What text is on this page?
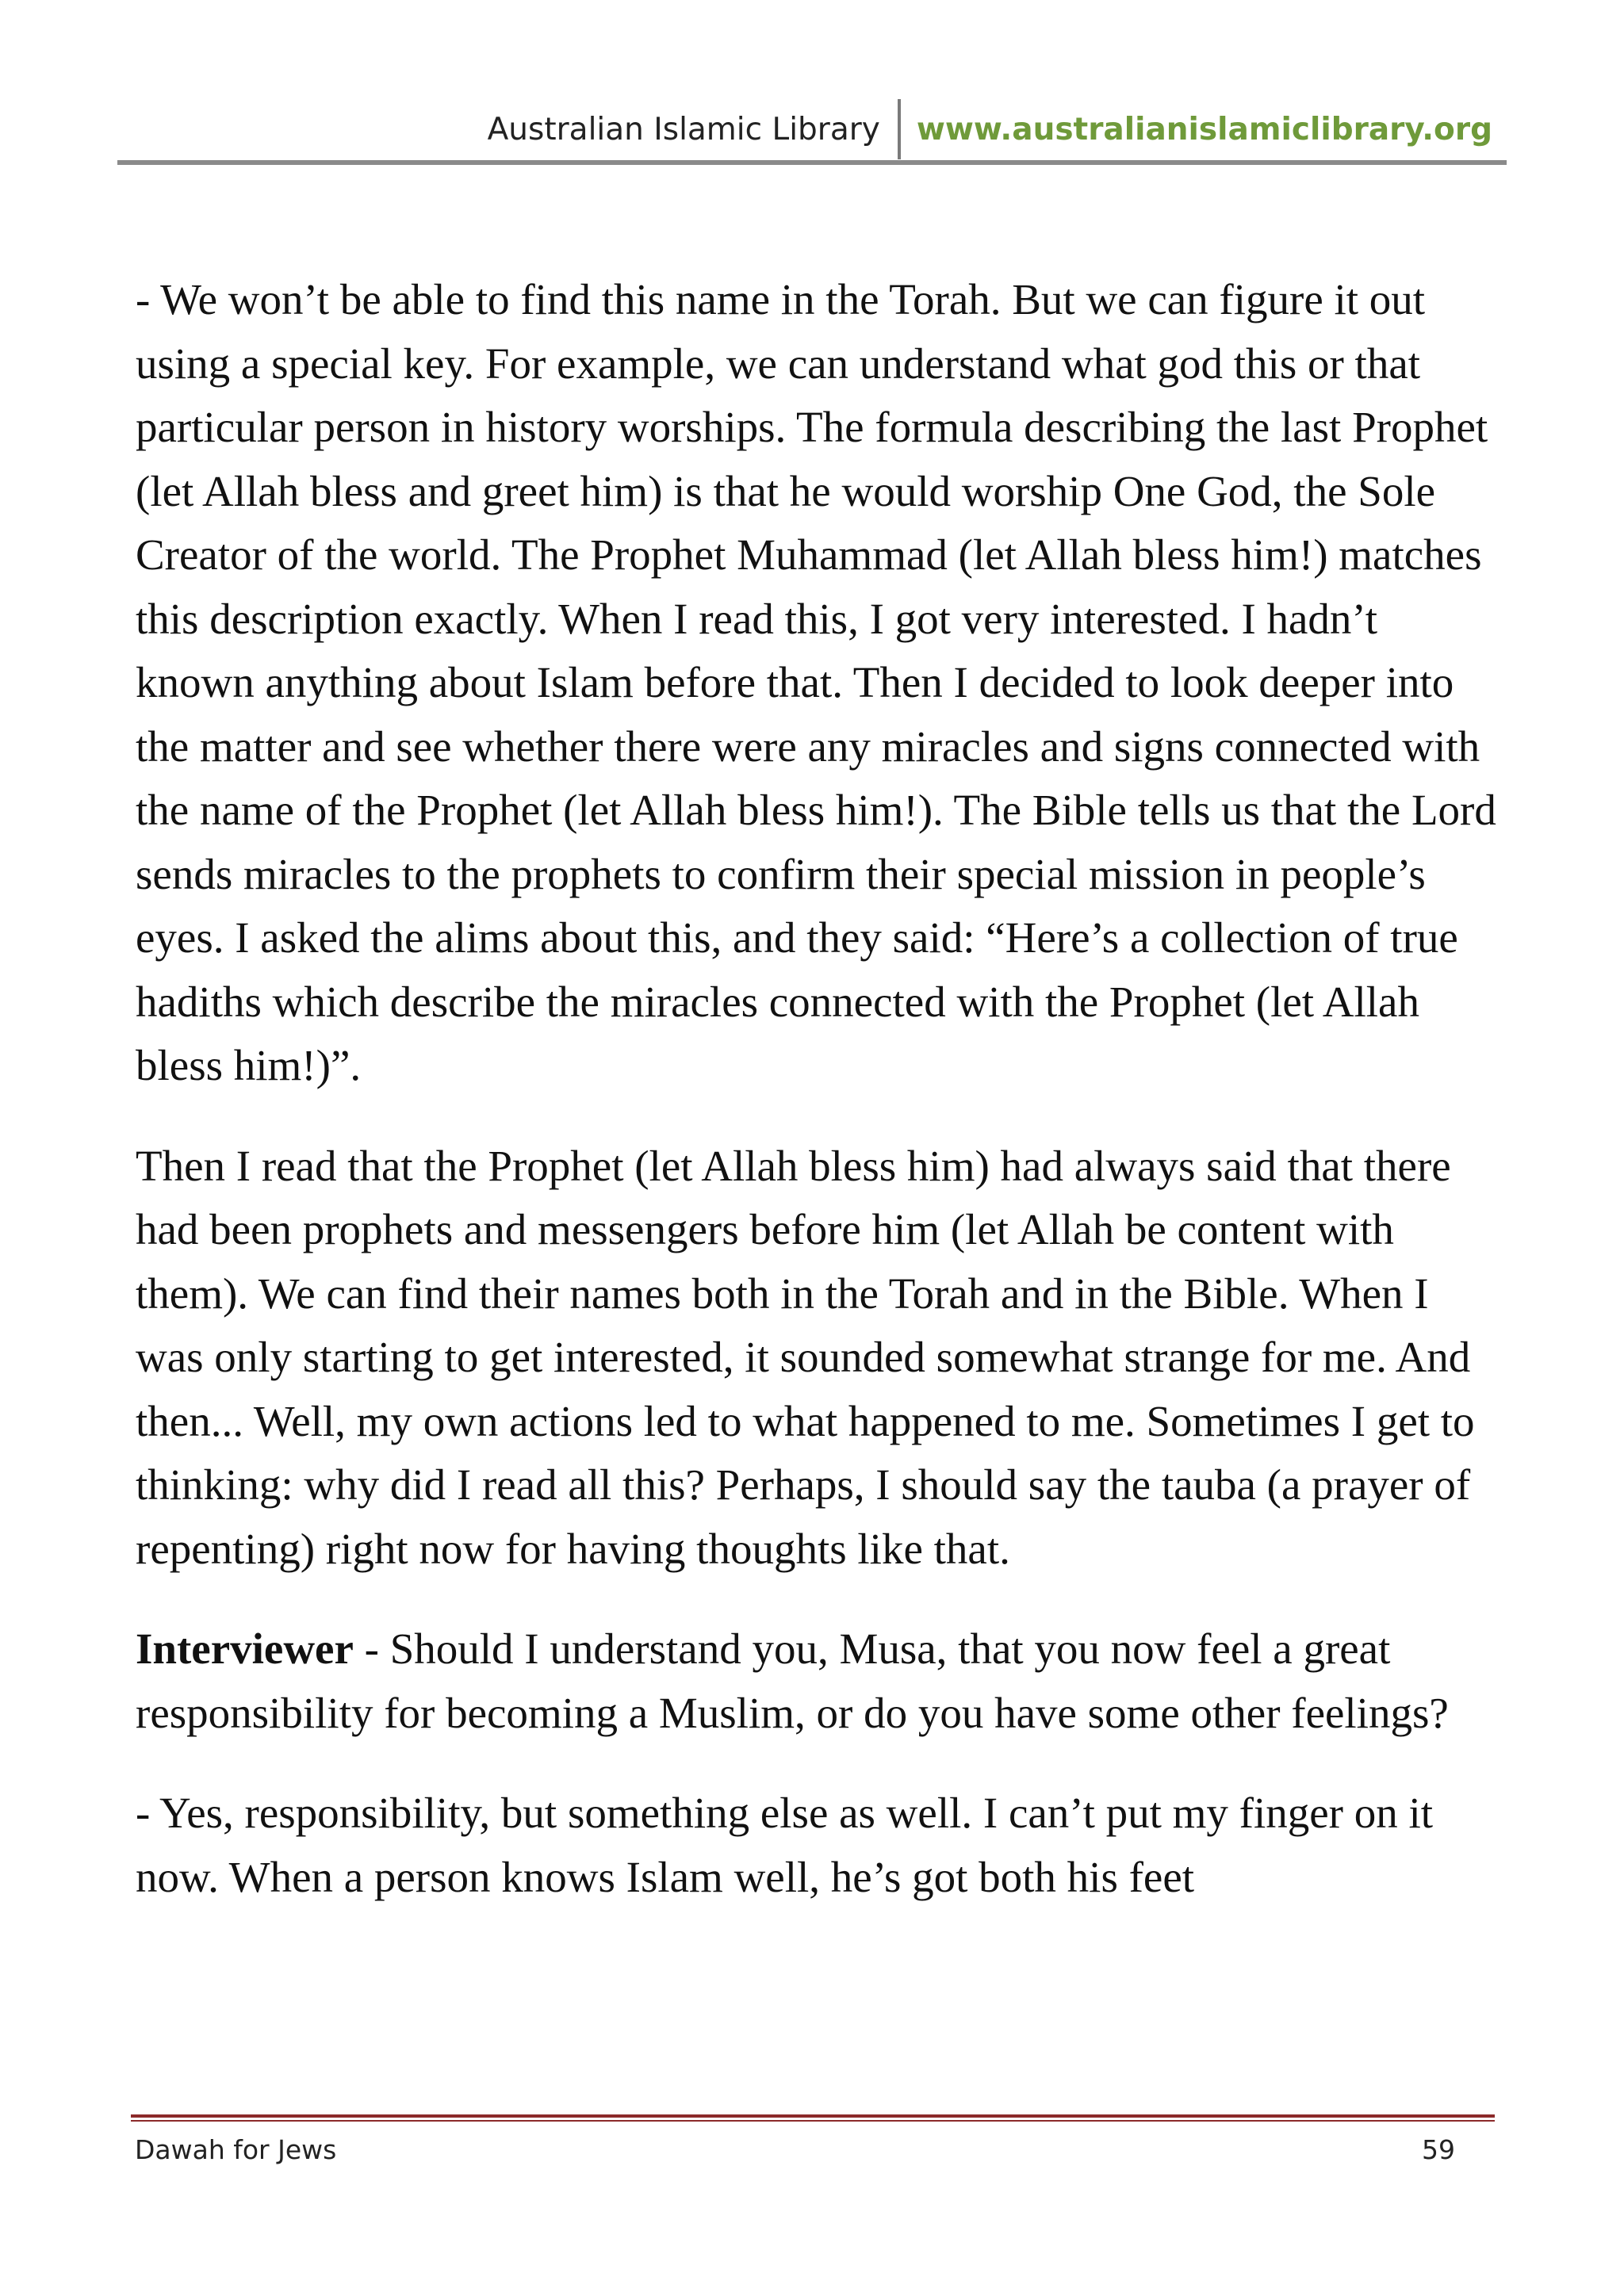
Australian Islamic Library	www.australianislamiclibrary.org

- We won’t be able to find this name in the Torah. But we can figure it out using a special key. For example, we can understand what god this or that particular person in history worships. The formula describing the last Prophet (let Allah bless and greet him) is that he would worship One God, the Sole Creator of the world. The Prophet Muhammad (let Allah bless him!) matches this description exactly. When I read this, I got very interested. I hadn’t known anything about Islam before that. Then I decided to look deeper into the matter and see whether there were any miracles and signs connected with the name of the Prophet (let Allah bless him!). The Bible tells us that the Lord sends miracles to the prophets to confirm their special mission in people’s eyes. I asked the alims about this, and they said: “Here’s a collection of true hadiths which describe the miracles connected with the Prophet (let Allah bless him!)”.

Then I read that the Prophet (let Allah bless him) had always said that there had been prophets and messengers before him (let Allah be content with them). We can find their names both in the Torah and in the Bible. When I was only starting to get interested, it sounded somewhat strange for me. And then... Well, my own actions led to what happened to me. Sometimes I get to thinking: why did I read all this? Perhaps, I should say the tauba (a prayer of repenting) right now for having thoughts like that.

Interviewer - Should I understand you, Musa, that you now feel a great responsibility for becoming a Muslim, or do you have some other feelings?

- Yes, responsibility, but something else as well. I can’t put my finger on it now. When a person knows Islam well, he’s got both his feet

Dawah for Jews	59
